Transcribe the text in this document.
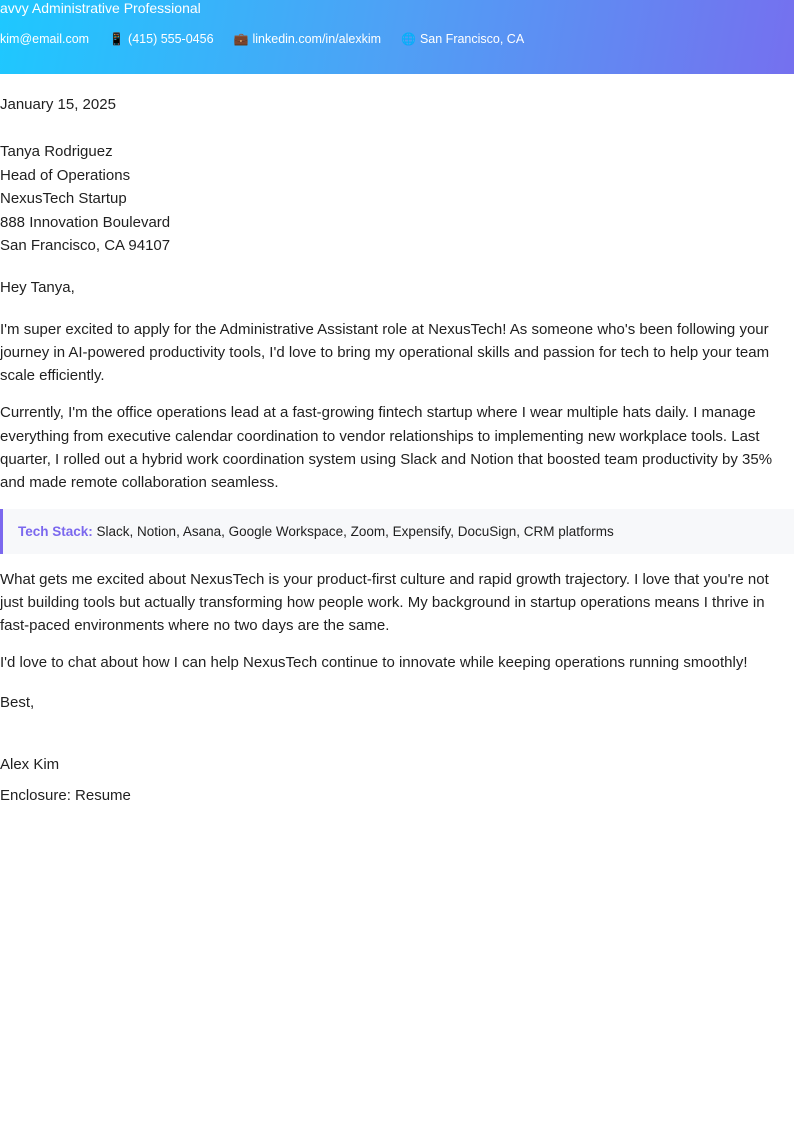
avvy Administrative Professional
kim@email.com 📱 (415) 555-0456 💼 linkedin.com/in/alexkim 🌐 San Francisco, CA
January 15, 2025
Tanya Rodriguez
Head of Operations
NexusTech Startup
888 Innovation Boulevard
San Francisco, CA 94107
Hey Tanya,

I'm super excited to apply for the Administrative Assistant role at NexusTech! As someone who's been following your journey in AI-powered productivity tools, I'd love to bring my operational skills and passion for tech to help your team scale efficiently.

Currently, I'm the office operations lead at a fast-growing fintech startup where I wear multiple hats daily. I manage everything from executive calendar coordination to vendor relationships to implementing new workplace tools. Last quarter, I rolled out a hybrid work coordination system using Slack and Notion that boosted team productivity by 35% and made remote collaboration seamless.

Tech Stack: Slack, Notion, Asana, Google Workspace, Zoom, Expensify, DocuSign, CRM platforms

What gets me excited about NexusTech is your product-first culture and rapid growth trajectory. I love that you're not just building tools but actually transforming how people work. My background in startup operations means I thrive in fast-paced environments where no two days are the same.

I'd love to chat about how I can help NexusTech continue to innovate while keeping operations running smoothly!

Best,
Alex Kim
Enclosure: Resume
